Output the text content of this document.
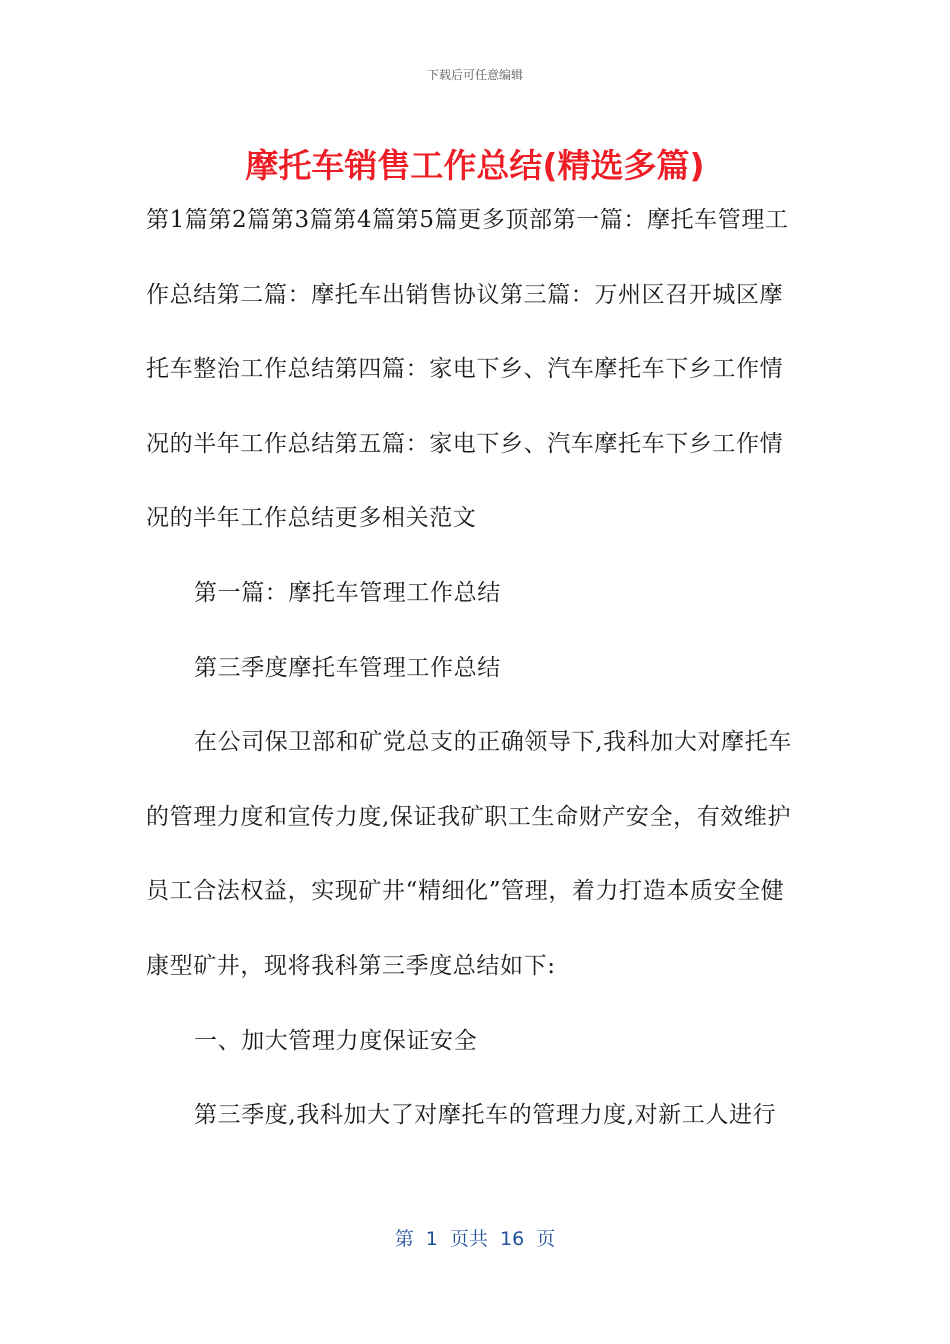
下载后可任意编辑
摩托车销售工作总结(精选多篇)

第1篇第2篇第3篇第4篇第5篇更多顶部第一篇：摩托车管理工作总结第二篇：摩托车出销售协议第三篇：万州区召开城区摩托车整治工作总结第四篇：家电下乡、汽车摩托车下乡工作情况的半年工作总结第五篇：家电下乡、汽车摩托车下乡工作情况的半年工作总结更多相关范文

第一篇：摩托车管理工作总结

第三季度摩托车管理工作总结

在公司保卫部和矿党总支的正确领导下,我科加大对摩托车的管理力度和宣传力度,保证我矿职工生命财产安全，有效维护员工合法权益，实现矿井“精细化”管理，着力打造本质安全健康型矿井，现将我科第三季度总结如下:

一、加大管理力度保证安全

第三季度,我科加大了对摩托车的管理力度,对新工人进行

第  1  页共  16  页
